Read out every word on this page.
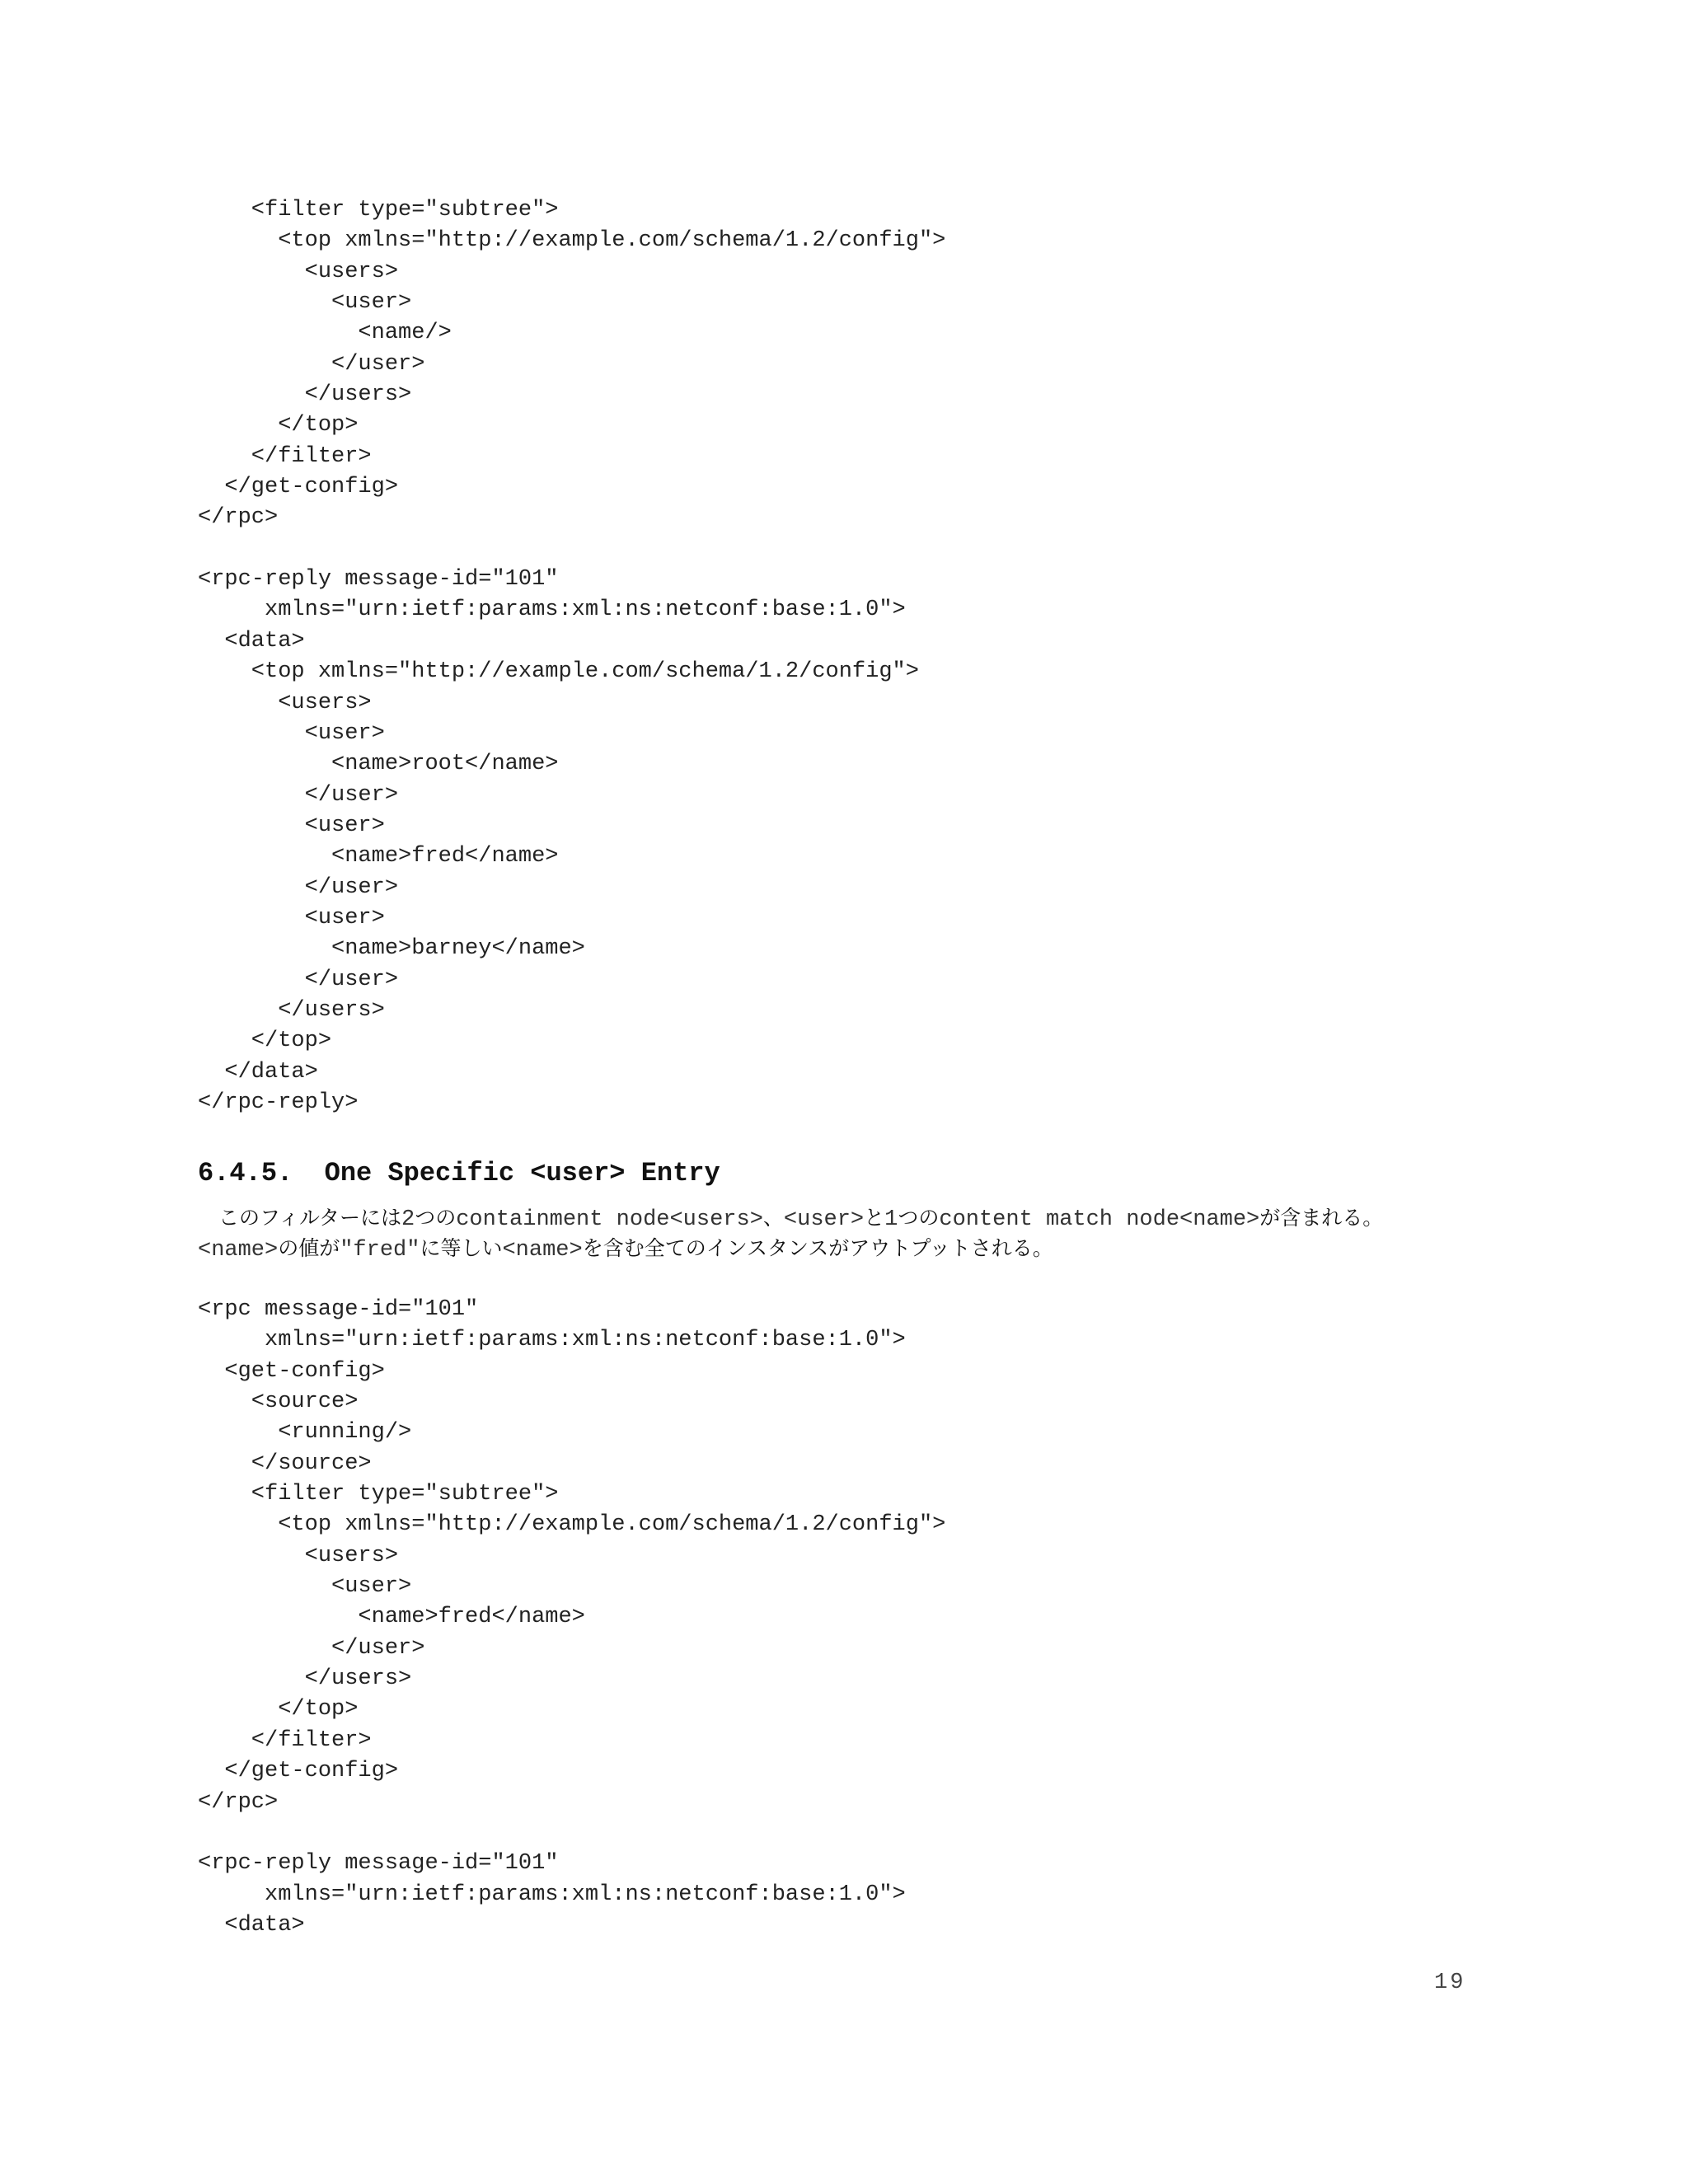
<filter type="subtree">
<top xmlns="http://example.com/schema/1.2/config">
<users>
<user>
<name/>
</user>
</users>
</top>
</filter>
</get-config>
</rpc>
<rpc-reply message-id="101"
xmlns="urn:ietf:params:xml:ns:netconf:base:1.0">
<data>
<top xmlns="http://example.com/schema/1.2/config">
<users>
<user>
<name>root</name>
</user>
<user>
<name>fred</name>
</user>
<user>
<name>barney</name>
</user>
</users>
</top>
</data>
</rpc-reply>
6.4.5.  One Specific <user> Entry
　このフィルターには2つのcontainment node<users>、<user>と1つのcontent match node<name>が含まれる。
<name>の値が"fred"に等しい<name>を含む全てのインスタンスがアウトプットされる。
<rpc message-id="101"
xmlns="urn:ietf:params:xml:ns:netconf:base:1.0">
<get-config>
<source>
<running/>
</source>
<filter type="subtree">
<top xmlns="http://example.com/schema/1.2/config">
<users>
<user>
<name>fred</name>
</user>
</users>
</top>
</filter>
</get-config>
</rpc>
<rpc-reply message-id="101"
xmlns="urn:ietf:params:xml:ns:netconf:base:1.0">
<data>
19
